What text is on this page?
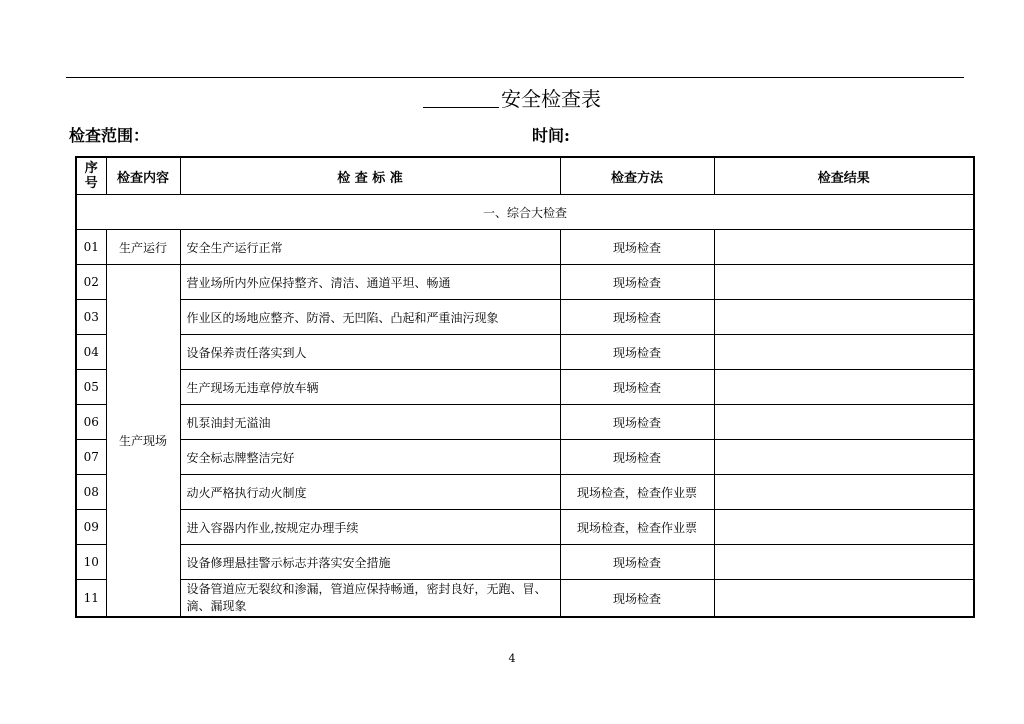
安全检查表
检查范围：	时间:
序号	检查内容	检 查 标 准	检查方法	检查结果
一、综合大检查				
01	生产运行	安全生产运行正常	现场检查	
02	生产现场	营业场所内外应保持整齐、清洁、通道平坦、畅通	现场检查	
03		作业区的场地应整齐、防滑、无凹陷、凸起和严重油污现象	现场检查	
04		设备保养责任落实到人	现场检查	
05		生产现场无违章停放车辆	现场检查	
06		机泵油封无溢油	现场检查	
07		安全标志牌整洁完好	现场检查	
08		动火严格执行动火制度	现场检查，检查作业票	
09		进入容器内作业,按规定办理手续	现场检查，检查作业票	
10		设备修理悬挂警示标志并落实安全措施	现场检查	
11		设备管道应无裂纹和渗漏，管道应保持畅通，密封良好，无跑、冒、滴、漏现象	现场检查	
4
